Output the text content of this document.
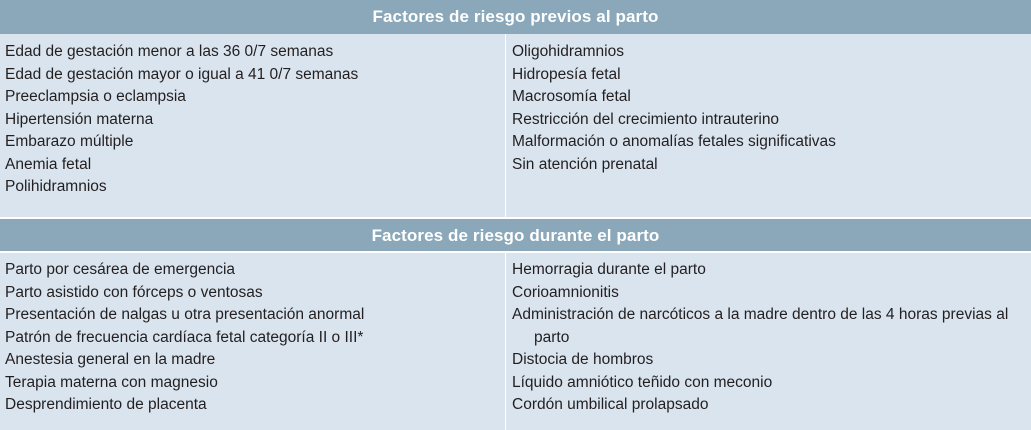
Factores de riesgo previos al parto
Edad de gestación menor a las 36 0/7 semanas
Edad de gestación mayor o igual a 41 0/7 semanas
Preeclampsia o eclampsia
Hipertensión materna
Embarazo múltiple
Anemia fetal
Polihidramnios
Oligohidramnios
Hidropesía fetal
Macrosomía fetal
Restricción del crecimiento intrauterino
Malformación o anomalías fetales significativas
Sin atención prenatal
Factores de riesgo durante el parto
Parto por cesárea de emergencia
Parto asistido con fórceps o ventosas
Presentación de nalgas u otra presentación anormal
Patrón de frecuencia cardíaca fetal categoría II o III*
Anestesia general en la madre
Terapia materna con magnesio
Desprendimiento de placenta
Hemorragia durante el parto
Corioamnionitis
Administración de narcóticos a la madre dentro de las 4 horas previas al parto
Distocia de hombros
Líquido amniótico teñido con meconio
Cordón umbilical prolapsado
